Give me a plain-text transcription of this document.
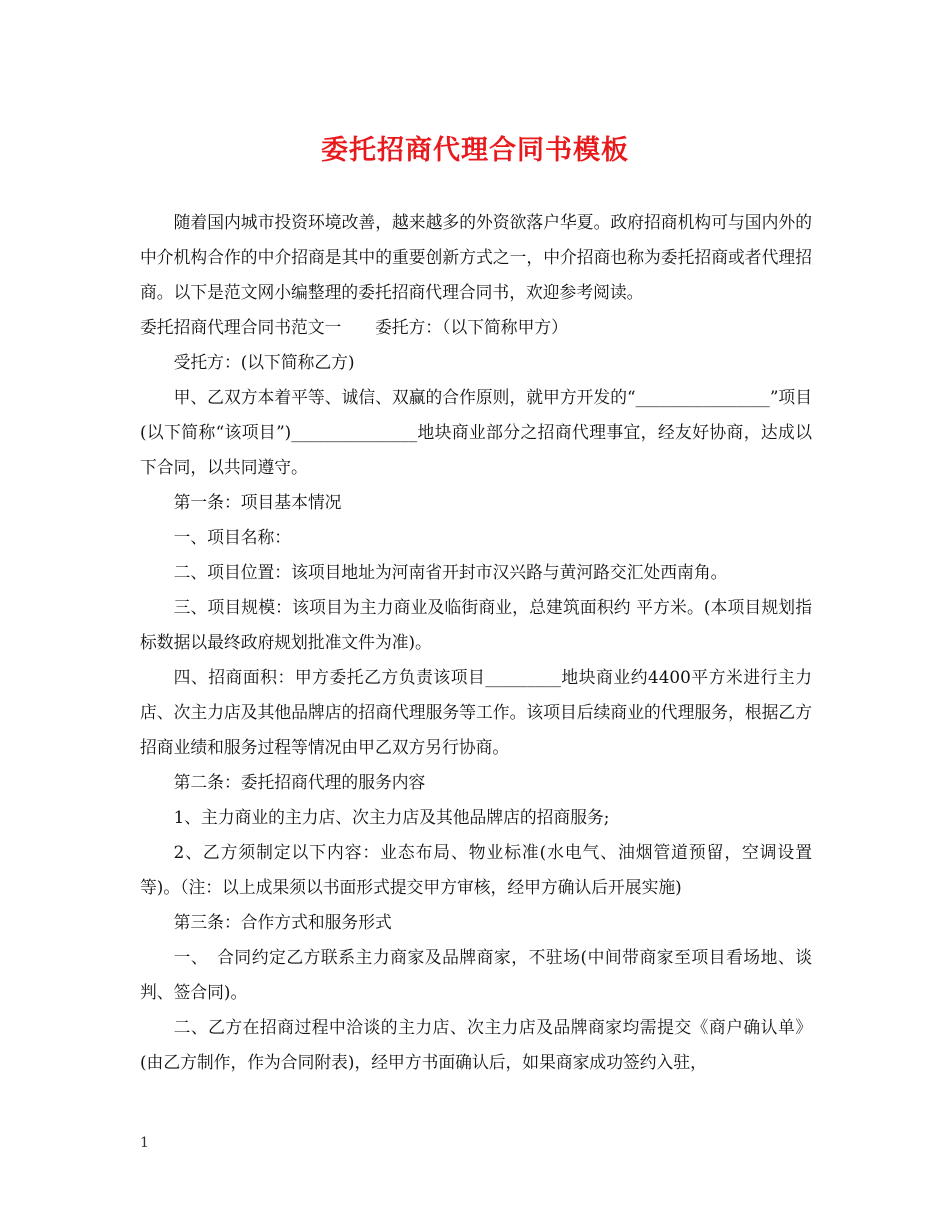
委托招商代理合同书模板

随着国内城市投资环境改善，越来越多的外资欲落户华夏。政府招商机构可与国内外的中介机构合作的中介招商是其中的重要创新方式之一，中介招商也称为委托招商或者代理招商。以下是范文网小编整理的委托招商代理合同书，欢迎参考阅读。

委托招商代理合同书范文一　　委托方：（以下简称甲方）

受托方：(以下简称乙方)

甲、乙双方本着平等、诚信、双赢的合作原则，就甲方开发的“________________”项目(以下简称“该项目”)_______________地块商业部分之招商代理事宜，经友好协商，达成以下合同，以共同遵守。

第一条：项目基本情况

一、项目名称：

二、项目位置：该项目地址为河南省开封市汉兴路与黄河路交汇处西南角。

三、项目规模：该项目为主力商业及临街商业，总建筑面积约 平方米。(本项目规划指标数据以最终政府规划批准文件为准)。

四、招商面积：甲方委托乙方负责该项目_________地块商业约4400平方米进行主力店、次主力店及其他品牌店的招商代理服务等工作。该项目后续商业的代理服务，根据乙方招商业绩和服务过程等情况由甲乙双方另行协商。

第二条：委托招商代理的服务内容

1、主力商业的主力店、次主力店及其他品牌店的招商服务;

2、乙方须制定以下内容：业态布局、物业标准(水电气、油烟管道预留，空调设置等)。（注：以上成果须以书面形式提交甲方审核，经甲方确认后开展实施)

第三条：合作方式和服务形式

一、　合同约定乙方联系主力商家及品牌商家，不驻场(中间带商家至项目看场地、谈判、签合同)。

二、乙方在招商过程中洽谈的主力店、次主力店及品牌商家均需提交《商户确认单》(由乙方制作，作为合同附表)，经甲方书面确认后，如果商家成功签约入驻，

1
